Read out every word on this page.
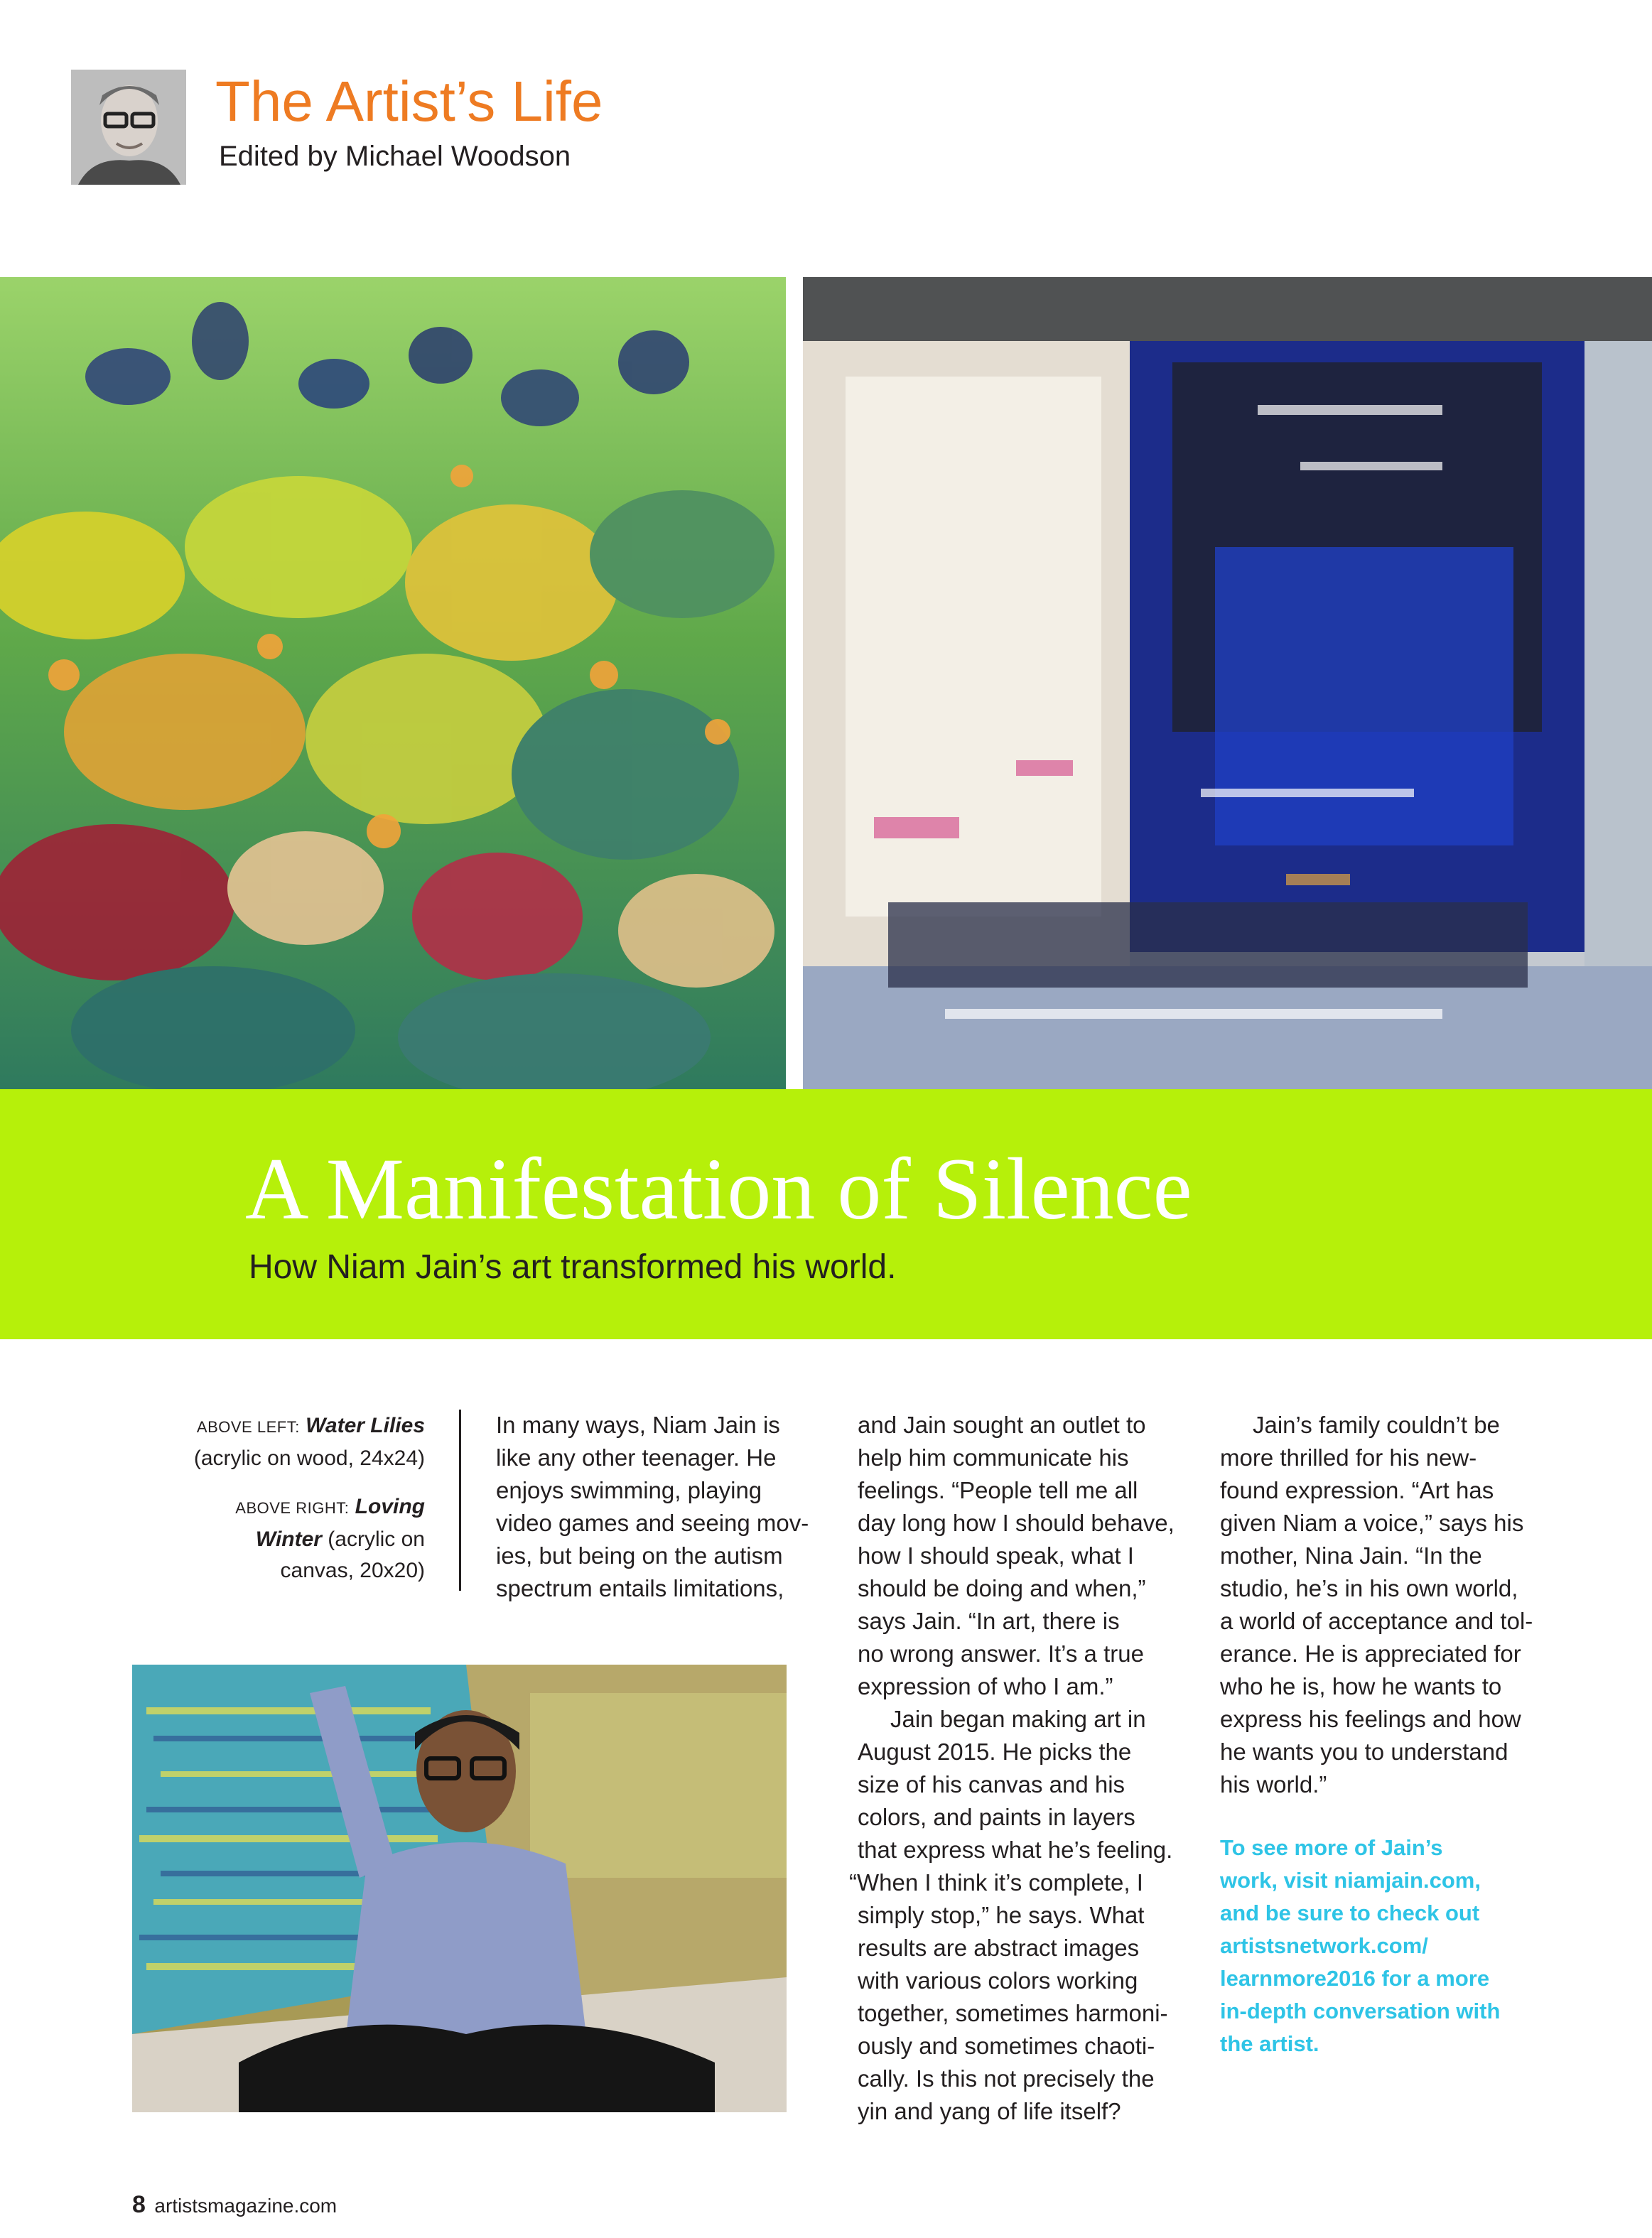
The Artist’s Life

Edited by Michael Woodson

A Manifestation of Silence

How Niam Jain’s art transformed his world.

ABOVE LEFT: Water Lilies (acrylic on wood, 24x24)

ABOVE RIGHT: Loving Winter (acrylic on canvas, 20x20)

In many ways, Niam Jain is

like any other teenager. He

enjoys swimming, playing

video games and seeing mov-

ies, but being on the autism

spectrum entails limitations,

and Jain sought an outlet to

help him communicate his

feelings. “People tell me all

day long how I should behave,

how I should speak, what I

should be doing and when,”

says Jain. “In art, there is

no wrong answer. It’s a true

expression of who I am.”

Jain began making art in

August 2015. He picks the

size of his canvas and his

colors, and paints in layers

that express what he’s feeling.

“When I think it’s complete, I

simply stop,” he says. What

results are abstract images

with various colors working

together, sometimes harmoni-

ously and sometimes chaoti-

cally. Is this not precisely the

yin and yang of life itself?

Jain’s family couldn’t be

more thrilled for his new-

found expression. “Art has

given Niam a voice,” says his

mother, Nina Jain. “In the

studio, he’s in his own world,

a world of acceptance and tol-

erance. He is appreciated for

who he is, how he wants to

express his feelings and how

he wants you to understand

his world.”

To see more of Jain’s

work, visit niamjain.com,

and be sure to check out

artistsnetwork.com/

learnmore2016 for a more

in-depth conversation with

the artist.

8 artistsmagazine.com
